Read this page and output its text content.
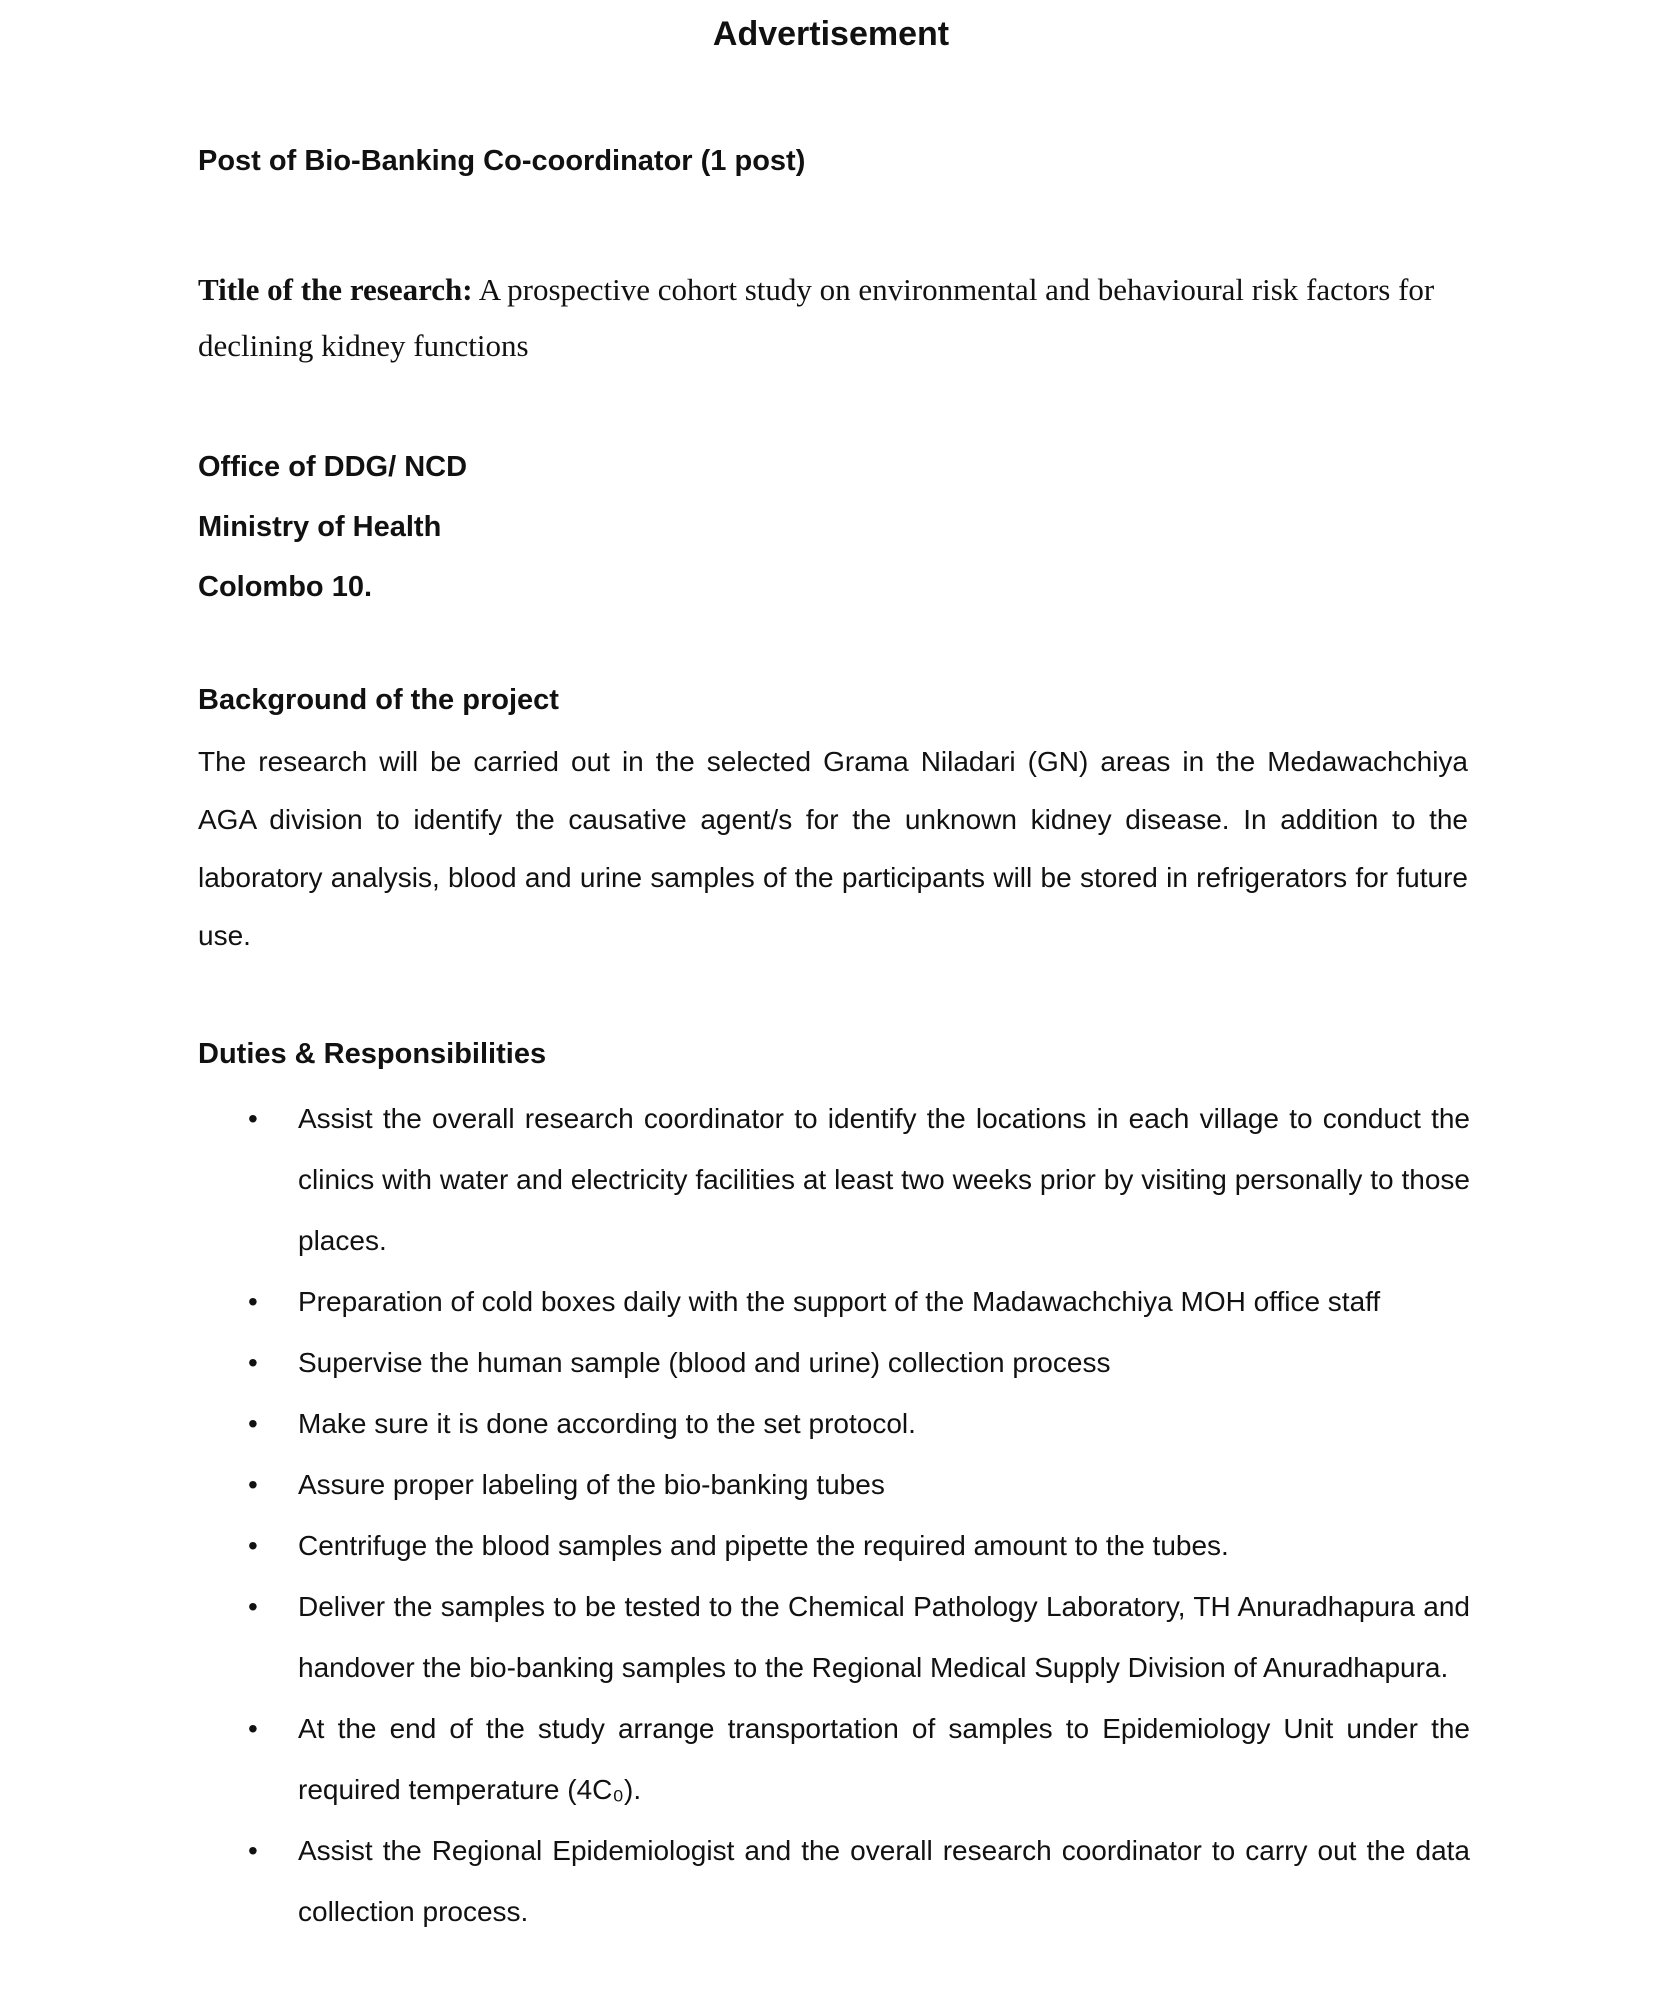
Advertisement
Post of Bio-Banking Co-coordinator (1 post)
Title of the research: A prospective cohort study on environmental and behavioural risk factors for declining kidney functions
Office of DDG/ NCD
Ministry of Health
Colombo 10.
Background of the project
The research will be carried out in the selected Grama Niladari (GN) areas in the Medawachchiya AGA division to identify the causative agent/s for the unknown kidney disease. In addition to the laboratory analysis, blood and urine samples of the participants will be stored in refrigerators for future use.
Duties & Responsibilities
• Assist the overall research coordinator to identify the locations in each village to conduct the clinics with water and electricity facilities at least two weeks prior by visiting personally to those places.
• Preparation of cold boxes daily with the support of the Madawachchiya MOH office staff
• Supervise the human sample (blood and urine) collection process
• Make sure it is done according to the set protocol.
• Assure proper labeling of the bio-banking tubes
• Centrifuge the blood samples and pipette the required amount to the tubes.
• Deliver the samples to be tested to the Chemical Pathology Laboratory, TH Anuradhapura and handover the bio-banking samples to the Regional Medical Supply Division of Anuradhapura.
• At the end of the study arrange transportation of samples to Epidemiology Unit under the required temperature (4C₀).
• Assist the Regional Epidemiologist and the overall research coordinator to carry out the data collection process.
